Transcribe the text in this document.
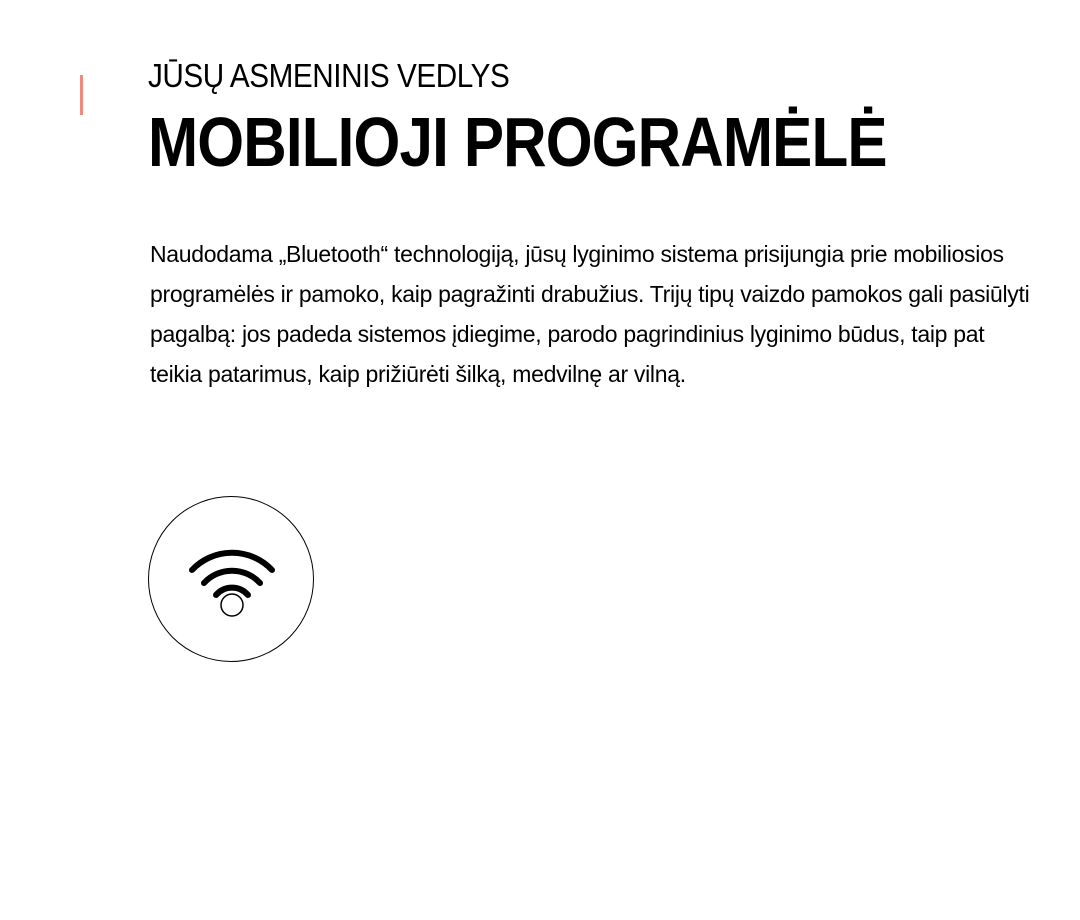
JŪSŲ ASMENINIS VEDLYS
MOBILIOJI PROGRAMĖLĖ

Naudodama „Bluetooth“ technologiją, jūsų lyginimo sistema prisijungia prie mobiliosios programėlės ir pamoko, kaip pagražinti drabužius. Trijų tipų vaizdo pamokos gali pasiūlyti pagalbą: jos padeda sistemos įdiegime, parodo pagrindinius lyginimo būdus, taip pat teikia patarimus, kaip prižiūrėti šilką, medvilnę ar vilną.
